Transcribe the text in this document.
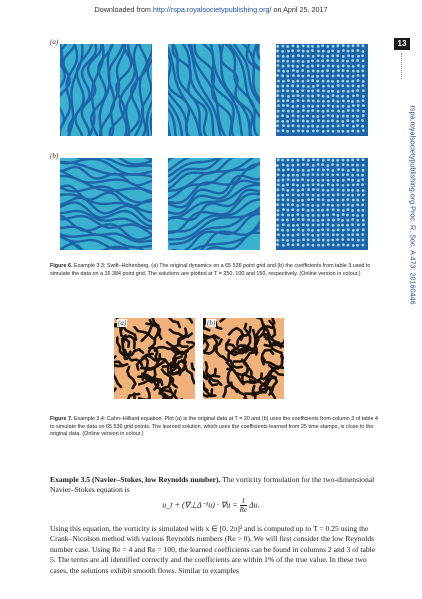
Downloaded from http://rspa.royalsocietypublishing.org/ on April 25, 2017
13
rspa.royalsocietypublishing.org Proc. R. Soc. A 473: 20160446
(a)
(b)
Figure 6. Example 3.3: Swift–Hohenberg. (a) The original dynamics on a 65 536 point grid and (b) the coefficients from table 3 used to simulate the data on a 16 384 point grid. The solutions are plotted at T = 250, 100 and 150, respectively. (Online version in colour.)
(a)	(b)
Figure 7. Example 3.4: Cahn–Hilliard equation. Plot (a) is the original data at T = 20 and (b) uses the coefficients from column 3 of table 4 to simulate the data on 65 536 grid points. The learned solution, which uses the coefficients learned from 25 time stamps, is close to the original data. (Online version in colour.)
Example 3.5 (Navier–Stokes, low Reynolds number). The vorticity formulation for the two-dimensional Navier–Stokes equation is
u_t + (∇⊥Δ⁻¹u) · $\nabla u = \frac{1}{Re} \Delta u$.
Using this equation, the vorticity is simulated with x ∈ [0, 2π]² and is computed up to T = 0.25 using the Crank–Nicolson method with various Reynolds numbers (Re > 0). We will first consider the low Reynolds number case. Using Re = 4 and Re = 100, the learned coefficients can be found in columns 2 and 3 of table 5. The terms are all identified correctly and the coefficients are within 1% of the true value. In these two cases, the solutions exhibit smooth flows. Similar to examples
